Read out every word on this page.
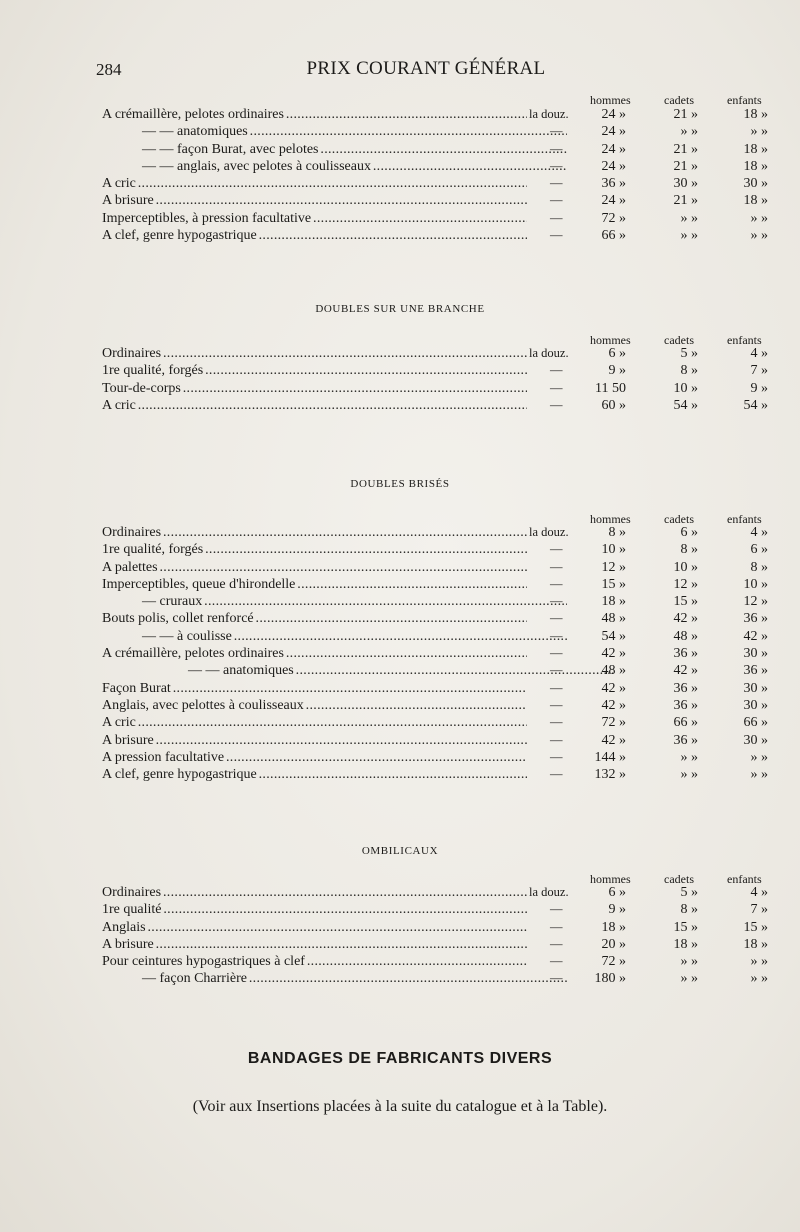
284	PRIX COURANT GÉNÉRAL
hommes	cadets	enfants
A crémaillère, pelotes ordinaires . . .	la douz.	24 »	21 »	18 »
— — anatomiques . . .	—	24 »	» »	» »
— — façon Burat, avec pelotes . . .	—	24 »	21 »	18 »
— — anglais, avec pelotes à coulisseaux . . .	—	24 »	21 »	18 »
A cric . . .	—	36 »	30 »	30 »
A brisure . . .	—	24 »	21 »	18 »
Imperceptibles, à pression facultative . . .	—	72 »	» »	» »
A clef, genre hypogastrique . . .	—	66 »	» »	» »
DOUBLES SUR UNE BRANCHE
hommes	cadets	enfants
Ordinaires . . .	la douz.	6 »	5 »	4 »
1re qualité, forgés . . .	—	9 »	8 »	7 »
Tour-de-corps . . .	—	11 50	10 »	9 »
A cric . . .	—	60 »	54 »	54 »
DOUBLES BRISÉS
hommes	cadets	enfants
Ordinaires . . .	la douz.	8 »	6 »	4 »
1re qualité, forgés . . .	—	10 »	8 »	6 »
A palettes . . .	—	12 »	10 »	8 »
Imperceptibles, queue d'hirondelle . . .	—	15 »	12 »	10 »
— cruraux . . .	—	18 »	15 »	12 »
Bouts polis, collet renforcé . . .	—	48 »	42 »	36 »
— — à coulisse . . .	—	54 »	48 »	42 »
A crémaillère, pelotes ordinaires . . .	—	42 »	36 »	30 »
— — anatomiques . . .	—	48 »	42 »	36 »
Façon Burat . . .	—	42 »	36 »	30 »
Anglais, avec pelottes à coulisseaux . . .	—	42 »	36 »	30 »
A cric . . .	—	72 »	66 »	66 »
A brisure . . .	—	42 »	36 »	30 »
A pression facultative . . .	—	144 »	» »	» »
A clef, genre hypogastrique . . .	—	132 »	» »	» »
OMBILICAUX
hommes	cadets	enfants
Ordinaires . . .	la douz.	6 »	5 »	4 »
1re qualité . . .	—	9 »	8 »	7 »
Anglais . . .	—	18 »	15 »	15 »
A brisure . . .	—	20 »	18 »	18 »
Pour ceintures hypogastriques à clef . . .	—	72 »	» »	» »
— façon Charrière . . .	—	180 »	» »	» »
BANDAGES DE FABRICANTS DIVERS
(Voir aux Insertions placées à la suite du catalogue et à la Table).
